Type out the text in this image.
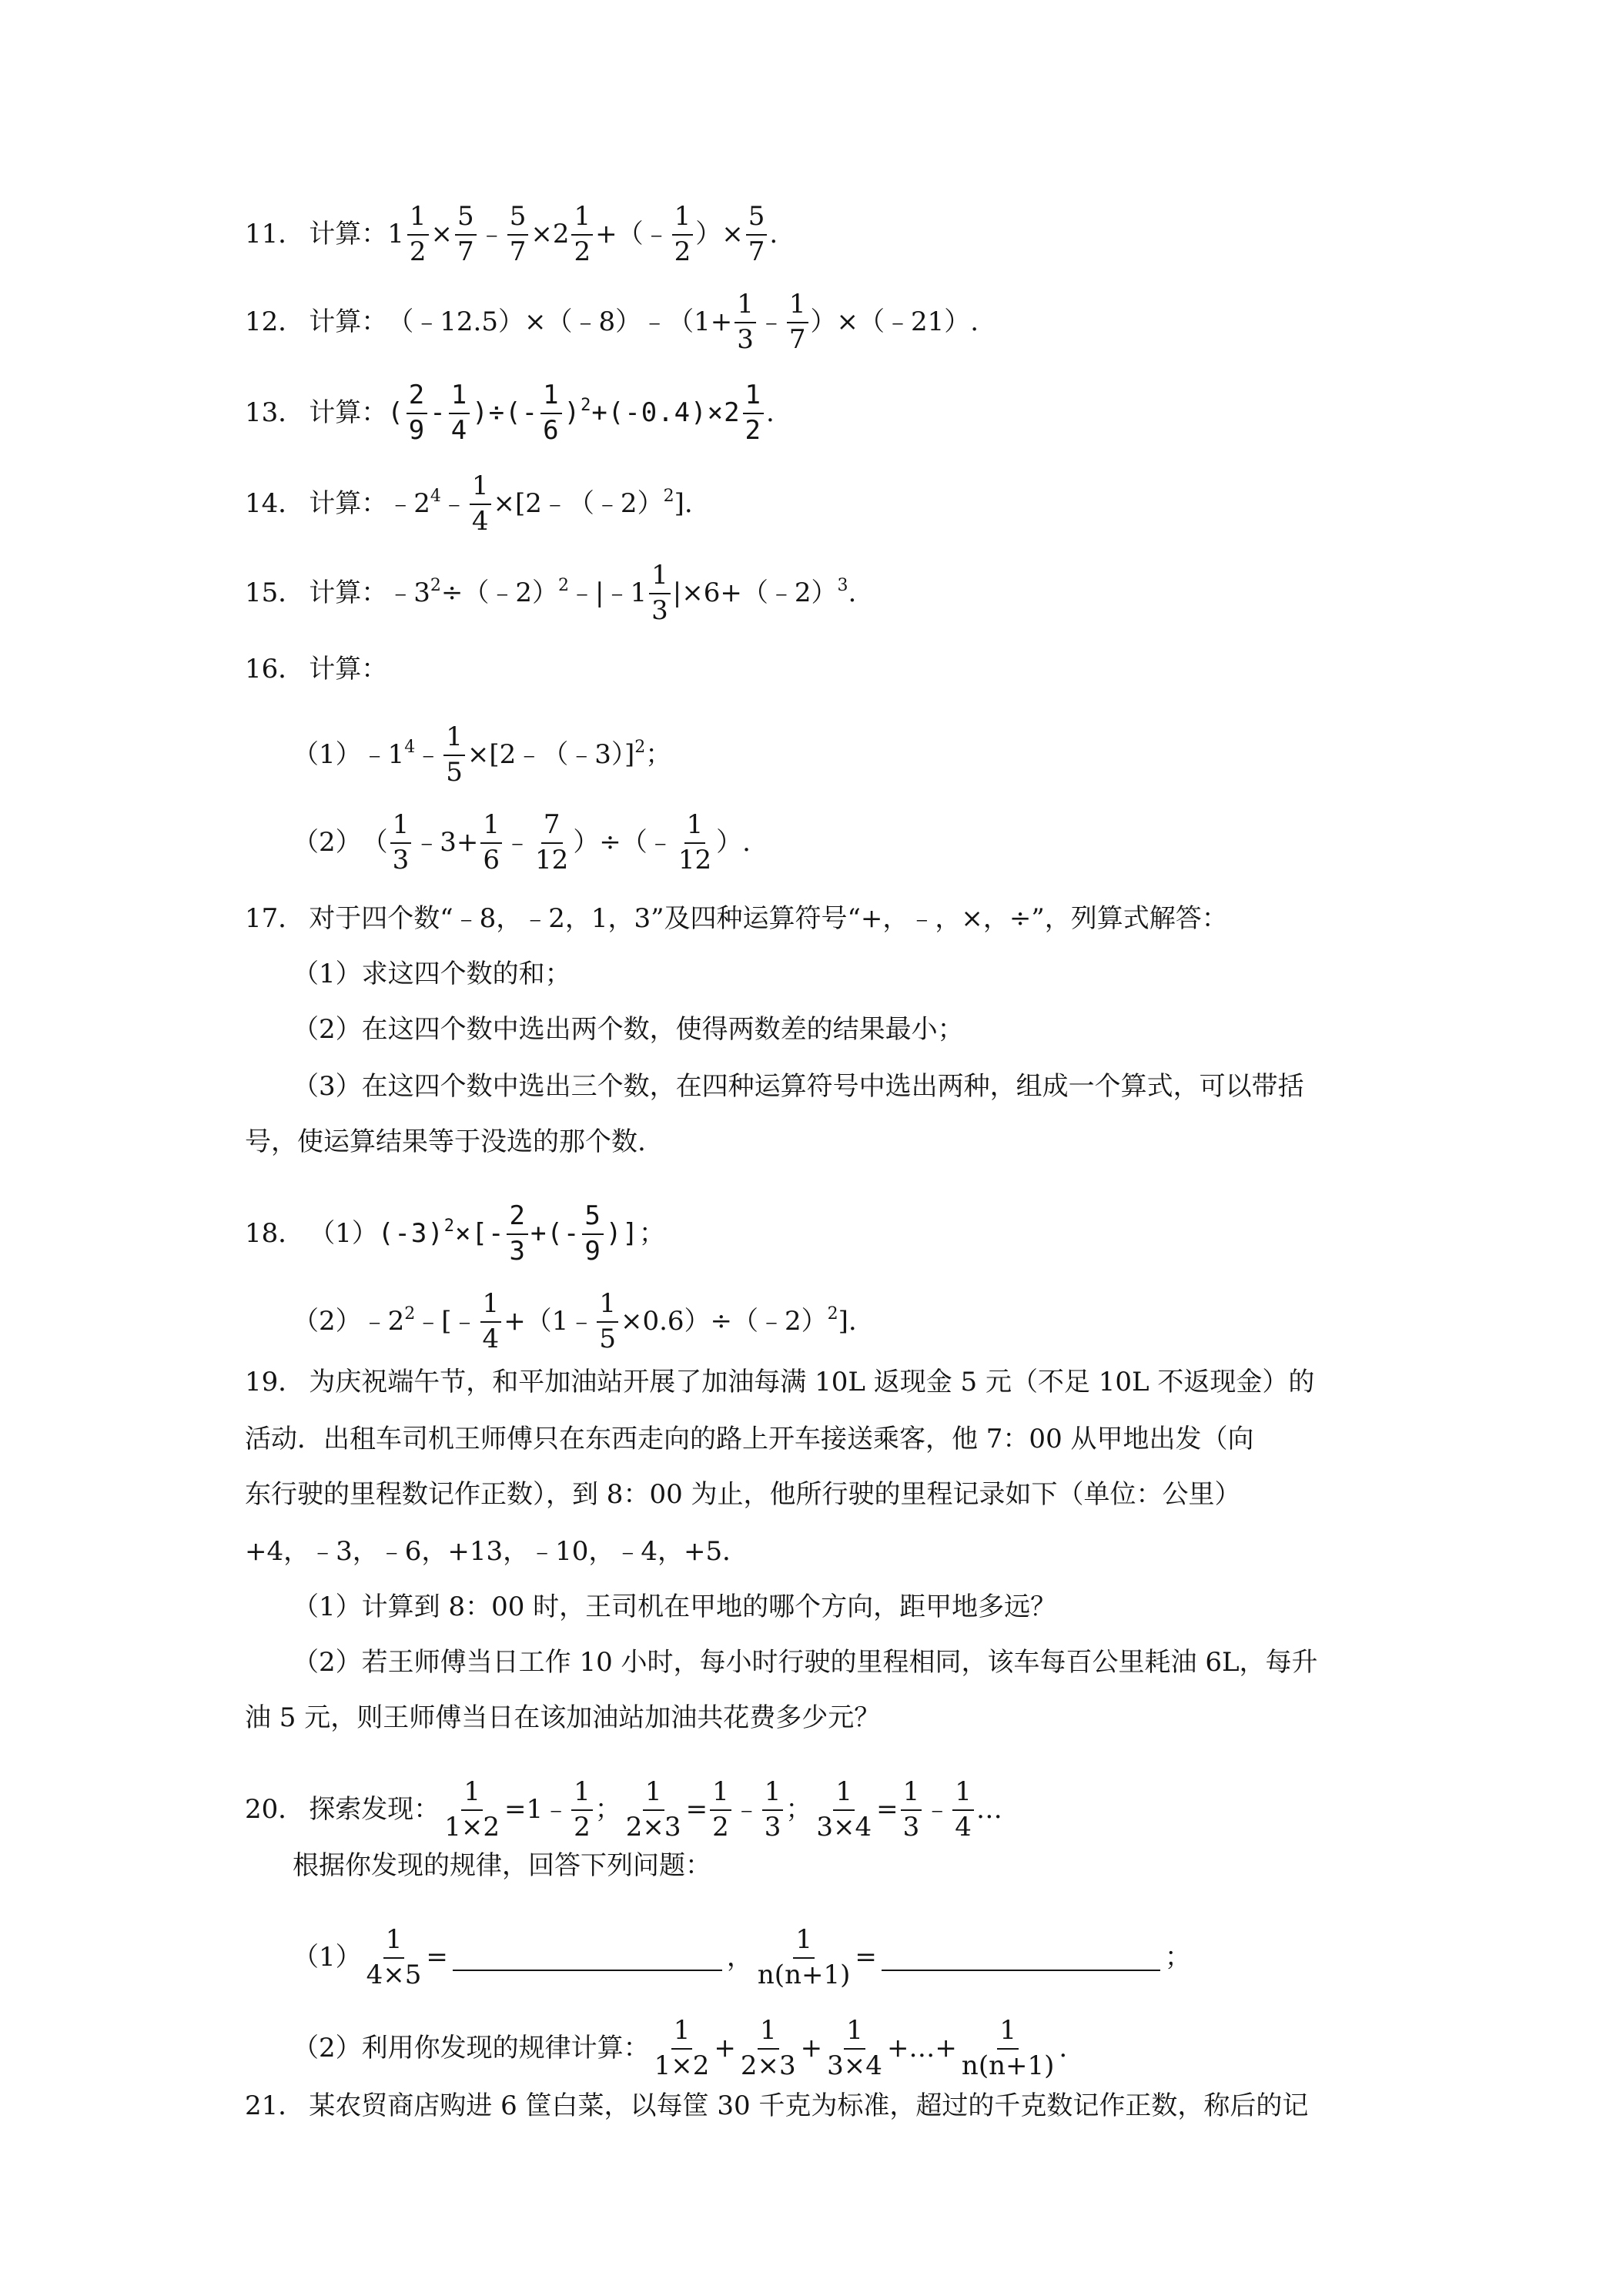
11． 计算： $1 \frac{1}{2} \times \frac{5}{7}$ ﹣ $\frac{5}{7} \times 2 \frac{1}{2}$ +（﹣ $\frac{1}{2}$ ）× $\frac{5}{7}$ .
12． 计算： （﹣12.5）×（﹣8）﹣（1+ $\frac{1}{3}$ ﹣ $\frac{1}{7}$ ）×（﹣21）.
13． 计算： ( $\frac{2}{9} - \frac{1}{4}$ )÷(- $\frac{1}{6} )^2+(-0.4)\times 2 \frac{1}{2}$ .
14． 计算： $﹣2^4﹣ \frac{1}{4}$ ×[2﹣（﹣2）$^2$].
15． 计算： $﹣3^2\div(﹣2)^2﹣|﹣1 \frac{1}{3}$ |×6+（﹣2）$^3$.
16． 计算：
（1） $﹣1^4﹣ \frac{1}{5}$ ×[2﹣（﹣3）]$^2$；
（2） （ $\frac{1}{3}$ ﹣3+ $\frac{1}{6}$ ﹣ $\frac{7}{12}$ ）÷（﹣ $\frac{1}{12}$ ）.
17． 对于四个数“﹣8，﹣2，1，3”及四种运算符号“+，﹣，×，÷”，列算式解答：
（1）求这四个数的和；
（2）在这四个数中选出两个数，使得两数差的结果最小；
（3）在这四个数中选出三个数，在四种运算符号中选出两种，组成一个算式，可以带括
号，使运算结果等于没选的那个数.
18． （1） $(-3)^2\times[- \frac{2}{3}$ +(- $\frac{5}{9}$ )] ；
（2） $﹣2^2﹣[﹣ \frac{1}{4}$ +（1﹣ $\frac{1}{5}$ ×0.6）÷（﹣2）$^2$].
19． 为庆祝端午节，和平加油站开展了加油每满 10L 返现金 5 元（不足 10L 不返现金）的
活动．出租车司机王师傅只在东西走向的路上开车接送乘客，他 7：00 从甲地出发（向
东行驶的里程数记作正数），到 8：00 为止，他所行驶的里程记录如下（单位：公里）
+4，﹣3，﹣6，+13，﹣10，﹣4，+5．
（1）计算到 8：00 时，王司机在甲地的哪个方向，距甲地多远？
（2）若王师傅当日工作 10 小时，每小时行驶的里程相同，该车每百公里耗油 6L，每升
油 5 元，则王师傅当日在该加油站加油共花费多少元？
20． 探索发现： $\frac{1}{1\times 2}$ =1﹣ $\frac{1}{2}$ ； $\frac{1}{2\times 3} = \frac{1}{2}$ ﹣ $\frac{1}{3}$ ； $\frac{1}{3\times 4} = \frac{1}{3}$ ﹣ $\frac{1}{4}$ …
根据你发现的规律，回答下列问题：
$(1) \frac{1}{4\times 5}$ =	， $\frac{1}{n(n+1)}$ =	；
（2）利用你发现的规律计算： $\frac{1}{1\times 2} + \frac{1}{2\times 3} + \frac{1}{3\times 4}$ +…+ $\frac{1}{n(n+1)}$ .
21． 某农贸商店购进 6 筐白菜，以每筐 30 千克为标准，超过的千克数记作正数，称后的记
